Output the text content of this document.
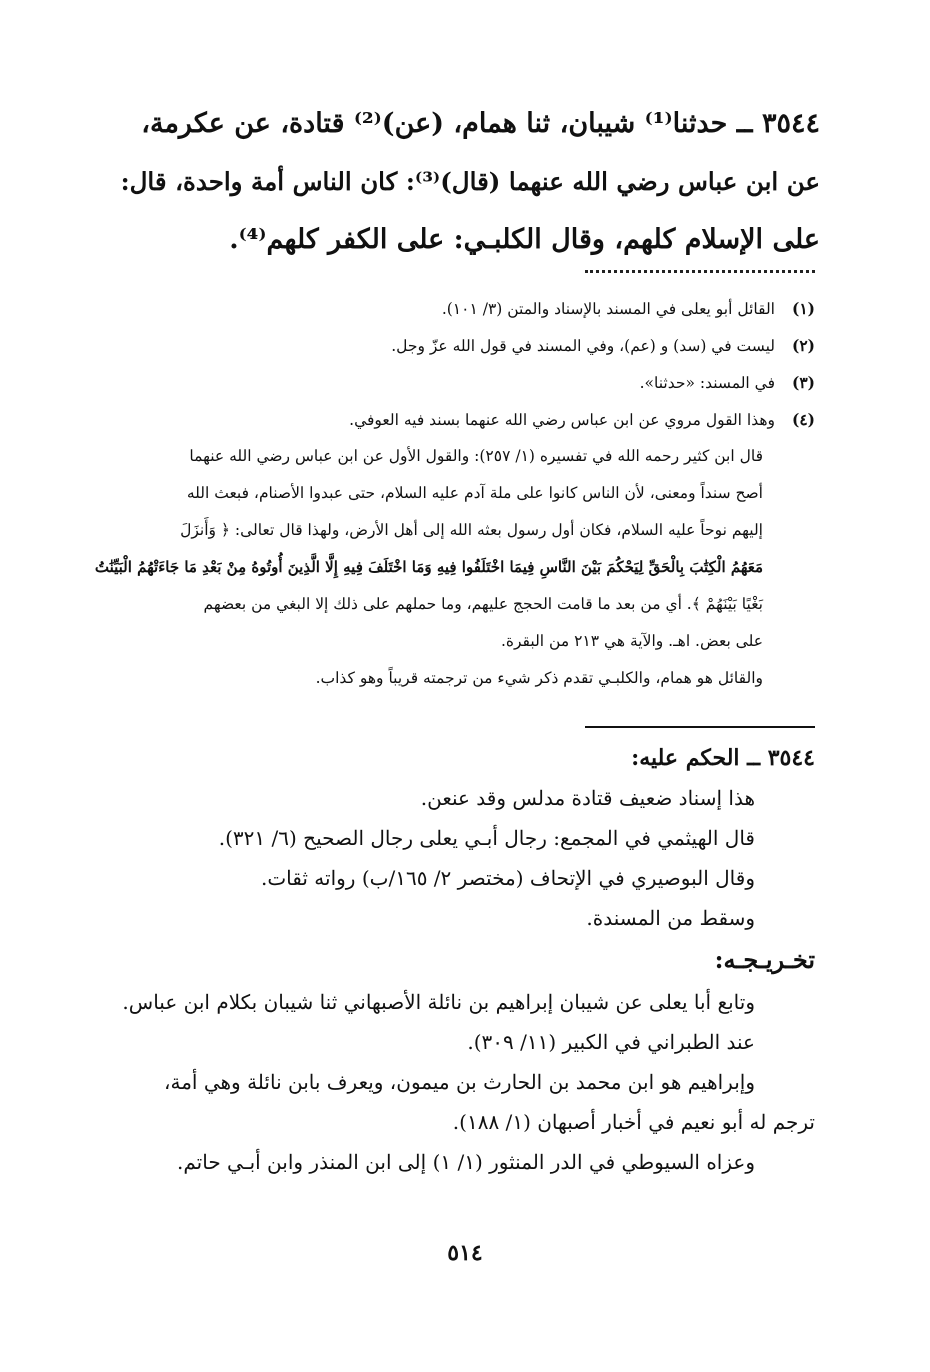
٣٥٤٤ ــ حدثنا⁽¹⁾ شيبان، ثنا همام، (عن)⁽²⁾ قتادة، عن عكرمة،
عن ابن عباس رضي الله عنهما (قال)⁽³⁾: كان الناس أمة واحدة، قال:
على الإسلام كلهم، وقال الكلبـي: على الكفر كلهم⁽⁴⁾.
(١)
القائل أبو يعلى في المسند بالإسناد والمتن (٣/ ١٠١).
(٢)
ليست في (سد) و (عم)، وفي المسند في قول الله عزّ وجل.
(٣)
في المسند: «حدثنا».
(٤)
وهذا القول مروي عن ابن عباس رضي الله عنهما بسند فيه العوفي.
قال ابن كثير رحمه الله في تفسيره (١/ ٢٥٧): والقول الأول عن ابن عباس رضي الله عنهما
أصح سنداً ومعنى، لأن الناس كانوا على ملة آدم عليه السلام، حتى عبدوا الأصنام، فبعث الله
إليهم نوحاً عليه السلام، فكان أول رسول بعثه الله إلى أهل الأرض، ولهذا قال تعالى: ﴿ وَأَنزَلَ
مَعَهُمُ الْكِتَٰبَ بِالْحَقِّ لِيَحْكُمَ بَيْنَ النَّاسِ فِيمَا اخْتَلَفُوا فِيهِ وَمَا اخْتَلَفَ فِيهِ إِلَّا الَّذِينَ أُوتُوهُ مِنْ بَعْدِ مَا جَاءَتْهُمُ الْبَيِّنَٰتُ
بَغْيًا بَيْنَهُمْ ﴾. أي من بعد ما قامت الحجج عليهم، وما حملهم على ذلك إلا البغي من بعضهم
على بعض. اهـ. والآية هي ٢١٣ من البقرة.
والقائل هو همام، والكلبـي تقدم ذكر شيء من ترجمته قريباً وهو كذاب.
٣٥٤٤ ــ الحكم عليه:
هذا إسناد ضعيف قتادة مدلس وقد عنعن.
قال الهيثمي في المجمع: رجال أبـي يعلى رجال الصحيح (٦/ ٣٢١).
وقال البوصيري في الإتحاف (مختصر ٢/ ١٦٥/ب) رواته ثقات.
وسقط من المسندة.
تخـريـجـه:
وتابع أبا يعلى عن شيبان إبراهيم بن نائلة الأصبهاني ثنا شيبان بكلام ابن عباس.
عند الطبراني في الكبير (١١/ ٣٠٩).
وإبراهيم هو ابن محمد بن الحارث بن ميمون، ويعرف بابن نائلة وهي أمة،
ترجم له أبو نعيم في أخبار أصبهان (١/ ١٨٨).
وعزاه السيوطي في الدر المنثور (١/ ١) إلى ابن المنذر وابن أبـي حاتم.
٥١٤
